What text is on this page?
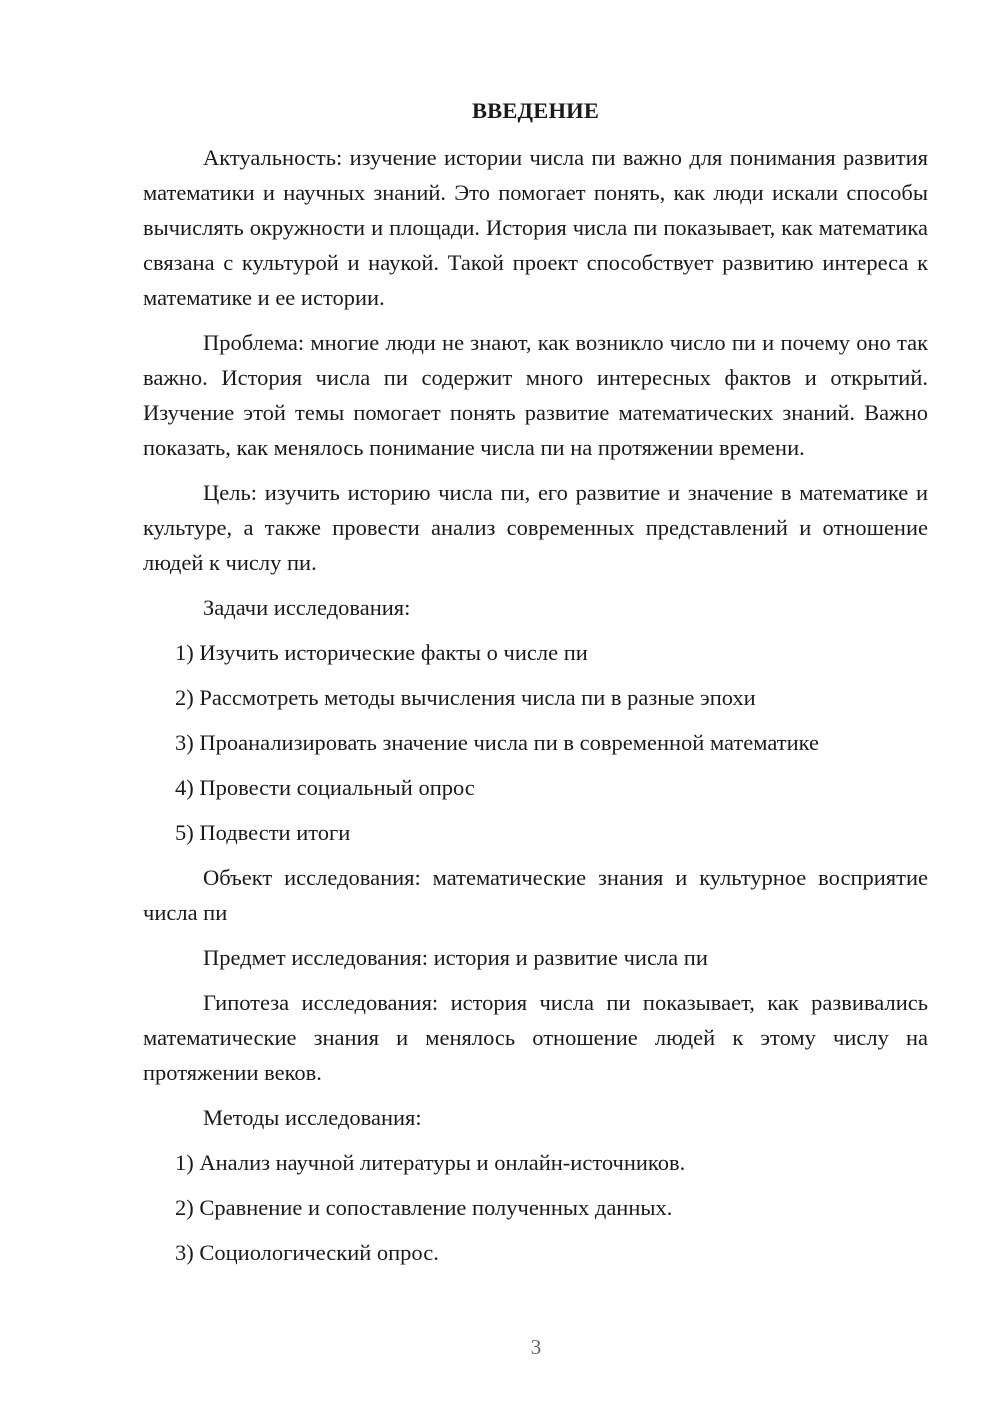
ВВЕДЕНИЕ

Актуальность: изучение истории числа пи важно для понимания развития математики и научных знаний. Это помогает понять, как люди искали способы вычислять окружности и площади. История числа пи показывает, как математика связана с культурой и наукой. Такой проект способствует развитию интереса к математике и ее истории.

Проблема: многие люди не знают, как возникло число пи и почему оно так важно. История числа пи содержит много интересных фактов и открытий. Изучение этой темы помогает понять развитие математических знаний. Важно показать, как менялось понимание числа пи на протяжении времени.

Цель: изучить историю числа пи, его развитие и значение в математике и культуре, а также провести анализ современных представлений и отношение людей к числу пи.

Задачи исследования:

1) Изучить исторические факты о числе пи
2) Рассмотреть методы вычисления числа пи в разные эпохи
3) Проанализировать значение числа пи в современной математике
4) Провести социальный опрос
5) Подвести итоги

Объект исследования: математические знания и культурное восприятие числа пи

Предмет исследования: история и развитие числа пи

Гипотеза исследования: история числа пи показывает, как развивались математические знания и менялось отношение людей к этому числу на протяжении веков.

Методы исследования:

1) Анализ научной литературы и онлайн-источников.
2) Сравнение и сопоставление полученных данных.
3) Социологический опрос.
3
